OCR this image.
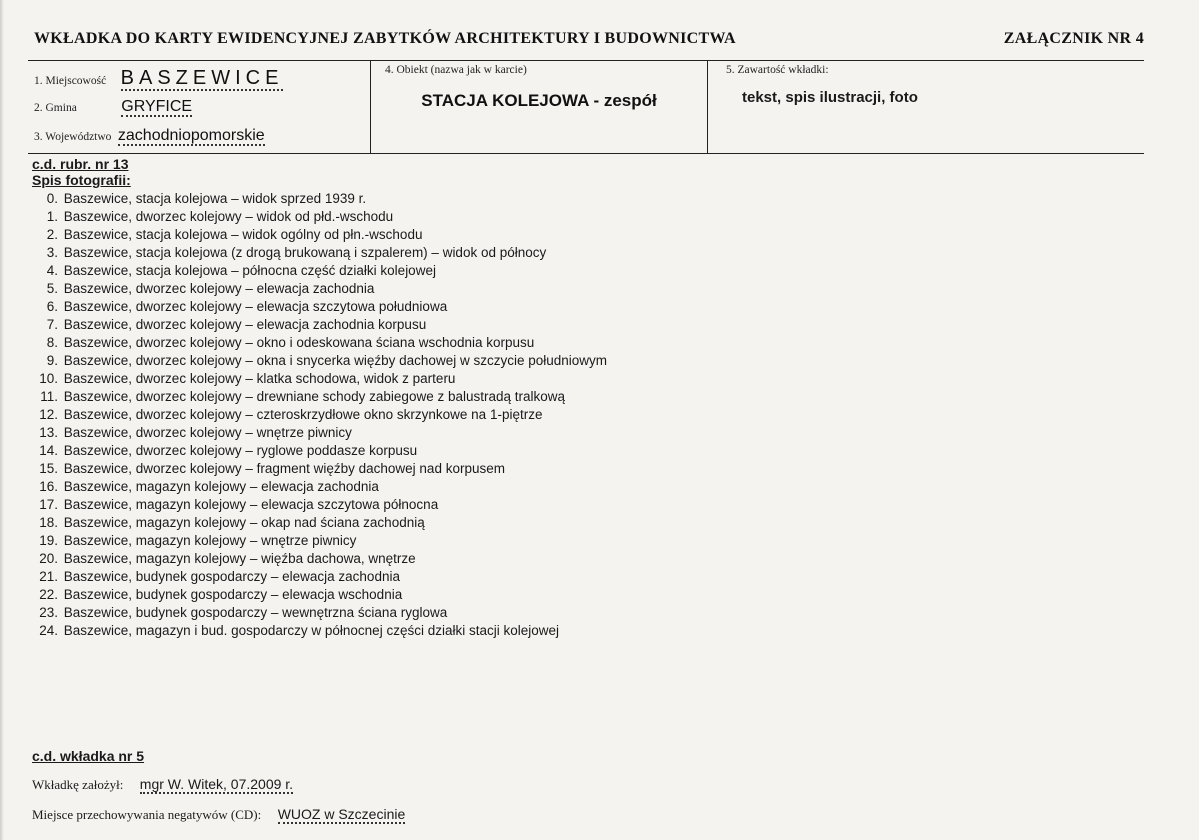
WKŁADKA DO KARTY EWIDENCYJNEJ ZABYTKÓW ARCHITEKTURY I BUDOWNICTWA	ZAŁĄCZNIK NR 4
1. Miejscowość BASZEWICE
2. Gmina	GRYFICE
3. Województwo zachodniopomorskie
4. Obiekt (nazwa jak w karcie)
STACJA KOLEJOWA - zespół
5. Zawartość wkładki:
tekst, spis ilustracji, foto
c.d. rubr. nr 13
Spis fotografii:
0. Baszewice, stacja kolejowa – widok sprzed 1939 r.
1. Baszewice, dworzec kolejowy – widok od płd.-wschodu
2. Baszewice, stacja kolejowa – widok ogólny od płn.-wschodu
3. Baszewice, stacja kolejowa (z drogą brukowaną i szpalerem) – widok od północy
4. Baszewice, stacja kolejowa – północna część działki kolejowej
5. Baszewice, dworzec kolejowy – elewacja zachodnia
6. Baszewice, dworzec kolejowy – elewacja szczytowa południowa
7. Baszewice, dworzec kolejowy – elewacja zachodnia korpusu
8. Baszewice, dworzec kolejowy – okno i odeskowana ściana wschodnia korpusu
9. Baszewice, dworzec kolejowy – okna i snycerka więźby dachowej w szczycie południowym
10. Baszewice, dworzec kolejowy – klatka schodowa, widok z parteru
11. Baszewice, dworzec kolejowy – drewniane schody zabiegowe z balustradą tralkową
12. Baszewice, dworzec kolejowy – czteroskrzydłowe okno skrzynkowe na 1-piętrze
13. Baszewice, dworzec kolejowy – wnętrze piwnicy
14. Baszewice, dworzec kolejowy – ryglowe poddasze korpusu
15. Baszewice, dworzec kolejowy – fragment więźby dachowej nad korpusem
16. Baszewice, magazyn kolejowy – elewacja zachodnia
17. Baszewice, magazyn kolejowy – elewacja szczytowa północna
18. Baszewice, magazyn kolejowy – okap nad ściana zachodnią
19. Baszewice, magazyn kolejowy – wnętrze piwnicy
20. Baszewice, magazyn kolejowy – więźba dachowa, wnętrze
21. Baszewice, budynek gospodarczy – elewacja zachodnia
22. Baszewice, budynek gospodarczy – elewacja wschodnia
23. Baszewice, budynek gospodarczy – wewnętrzna ściana ryglowa
24. Baszewice, magazyn i bud. gospodarczy w północnej części działki stacji kolejowej
c.d. wkładka nr 5
Wkładkę założył: mgr W. Witek, 07.2009 r.
Miejsce przechowywania negatywów (CD): WUOZ w Szczecinie
